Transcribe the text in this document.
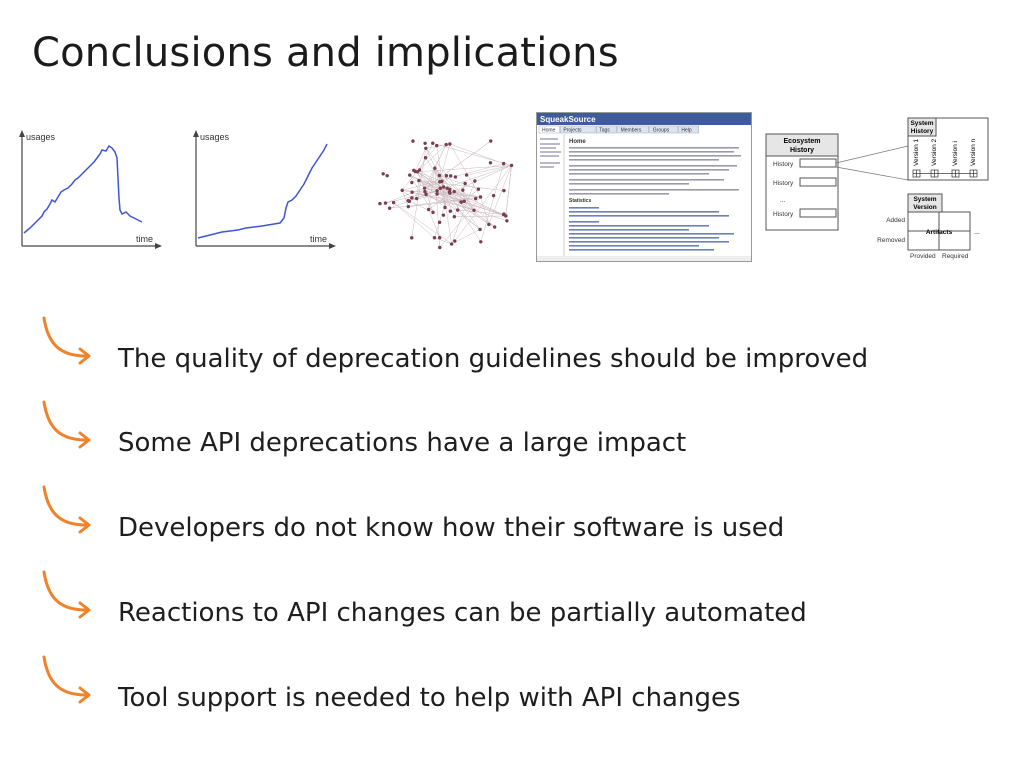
Conclusions and implications
usages
time
usages
time
SqueakSource
Home Projects	Tags Members Groups Help
Home
Statistics
Ecosystem
History
History
History
...
History
System
History
Version 1 Version 2 Version i Version n
System
Version
Artifacts	...
Added
Removed
Provided Required
The quality of deprecation guidelines should be improved
Some API deprecations have a large impact
Developers do not know how their software is used
Reactions to API changes can be partially automated
Tool support is needed to help with API changes
